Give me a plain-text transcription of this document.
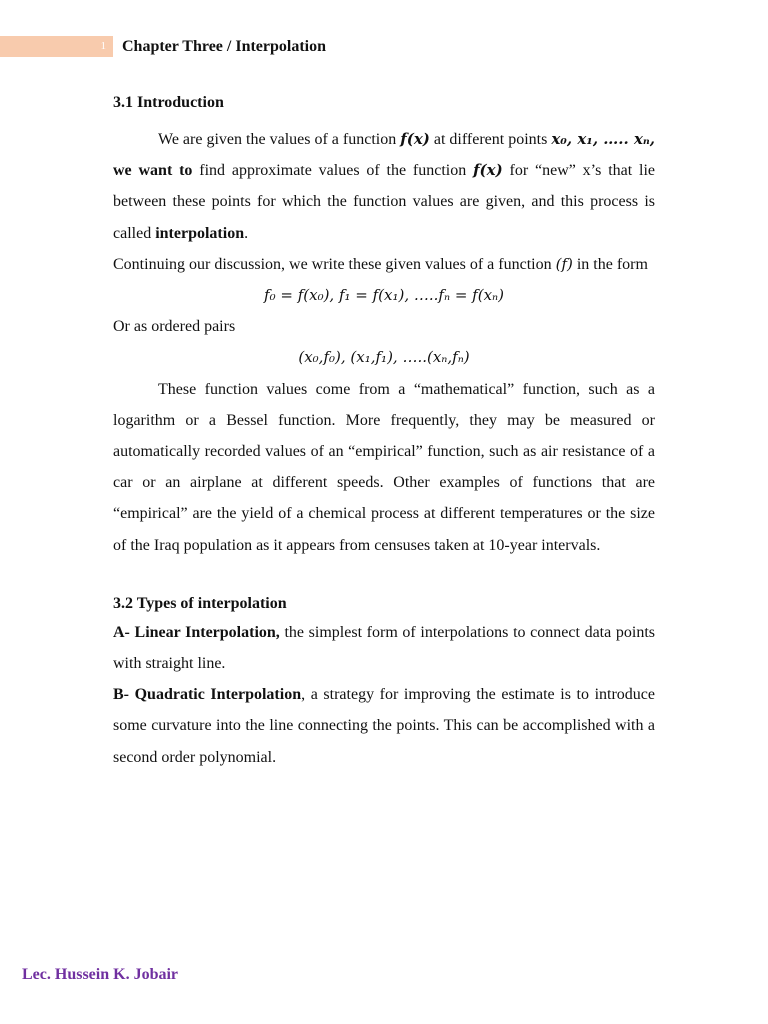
1	Chapter Three / Interpolation
3.1 Introduction

We are given the values of a function f(x) at different points x₀, x₁, ….. xₙ, we want to find approximate values of the function f(x) for “new” x’s that lie between these points for which the function values are given, and this process is called interpolation.

Continuing our discussion, we write these given values of a function (f) in the form

f₀ = f(x₀), f₁ = f(x₁), …..fₙ = f(xₙ)

Or as ordered pairs

(x₀,f₀), (x₁,f₁), …..(xₙ,fₙ)

These function values come from a “mathematical” function, such as a logarithm or a Bessel function. More frequently, they may be measured or automatically recorded values of an “empirical” function, such as air resistance of a car or an airplane at different speeds. Other examples of functions that are “empirical” are the yield of a chemical process at different temperatures or the size of the Iraq population as it appears from censuses taken at 10-year intervals.

3.2 Types of interpolation

A- Linear Interpolation, the simplest form of interpolations to connect data points with straight line.

B- Quadratic Interpolation, a strategy for improving the estimate is to introduce some curvature into the line connecting the points. This can be accomplished with a second order polynomial.

Lec. Hussein K. Jobair
